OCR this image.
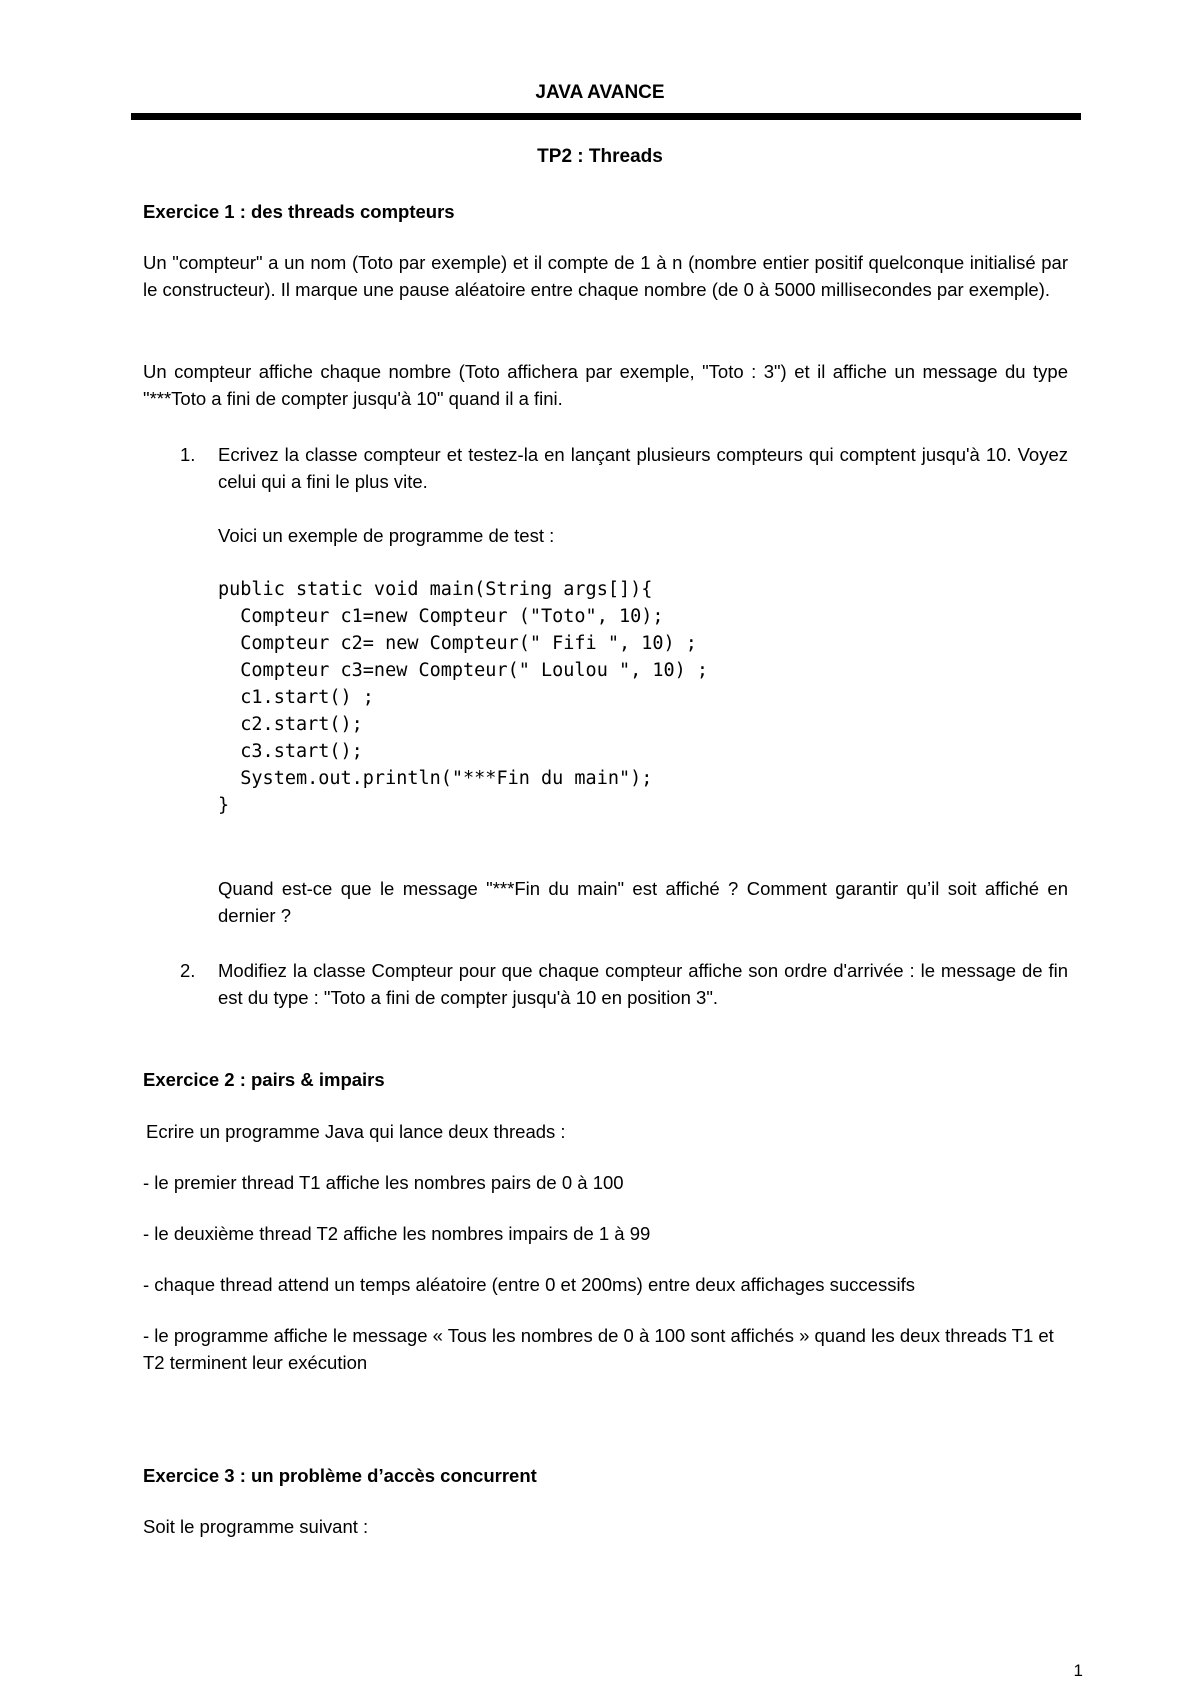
JAVA AVANCE
TP2 : Threads
Exercice 1 : des threads compteurs

Un "compteur" a un nom (Toto par exemple) et il compte de 1 à n (nombre entier positif quelconque initialisé par le constructeur). Il marque une pause aléatoire entre chaque nombre (de 0 à 5000 millisecondes par exemple).

Un compteur affiche chaque nombre (Toto affichera par exemple, "Toto : 3") et il affiche un message du type "***Toto a fini de compter jusqu'à 10" quand il a fini.

1.	Ecrivez la classe compteur et testez-la en lançant plusieurs compteurs qui comptent jusqu'à 10. Voyez celui qui a fini le plus vite.

Voici un exemple de programme de test :

public static void main(String args[]){
Compteur c1=new Compteur ("Toto", 10);
Compteur c2= new Compteur(" Fifi ", 10) ;
Compteur c3=new Compteur(" Loulou ", 10) ;
c1.start() ;
c2.start();
c3.start();
System.out.println("***Fin du main");
}

Quand est-ce que le message "***Fin du main" est affiché ? Comment garantir qu’il soit affiché en dernier ?

2.	Modifiez la classe Compteur pour que chaque compteur affiche son ordre d'arrivée : le message de fin est du type : "Toto a fini de compter jusqu'à 10 en position 3".

Exercice 2 : pairs & impairs

Ecrire un programme Java qui lance deux threads :

- le premier thread T1 affiche les nombres pairs de 0 à 100

- le deuxième thread T2 affiche les nombres impairs de 1 à 99

- chaque thread attend un temps aléatoire (entre 0 et 200ms) entre deux affichages successifs

- le programme affiche le message « Tous les nombres de 0 à 100 sont affichés » quand les deux threads T1 et T2 terminent leur exécution

Exercice 3 : un problème d’accès concurrent

Soit le programme suivant :

1
